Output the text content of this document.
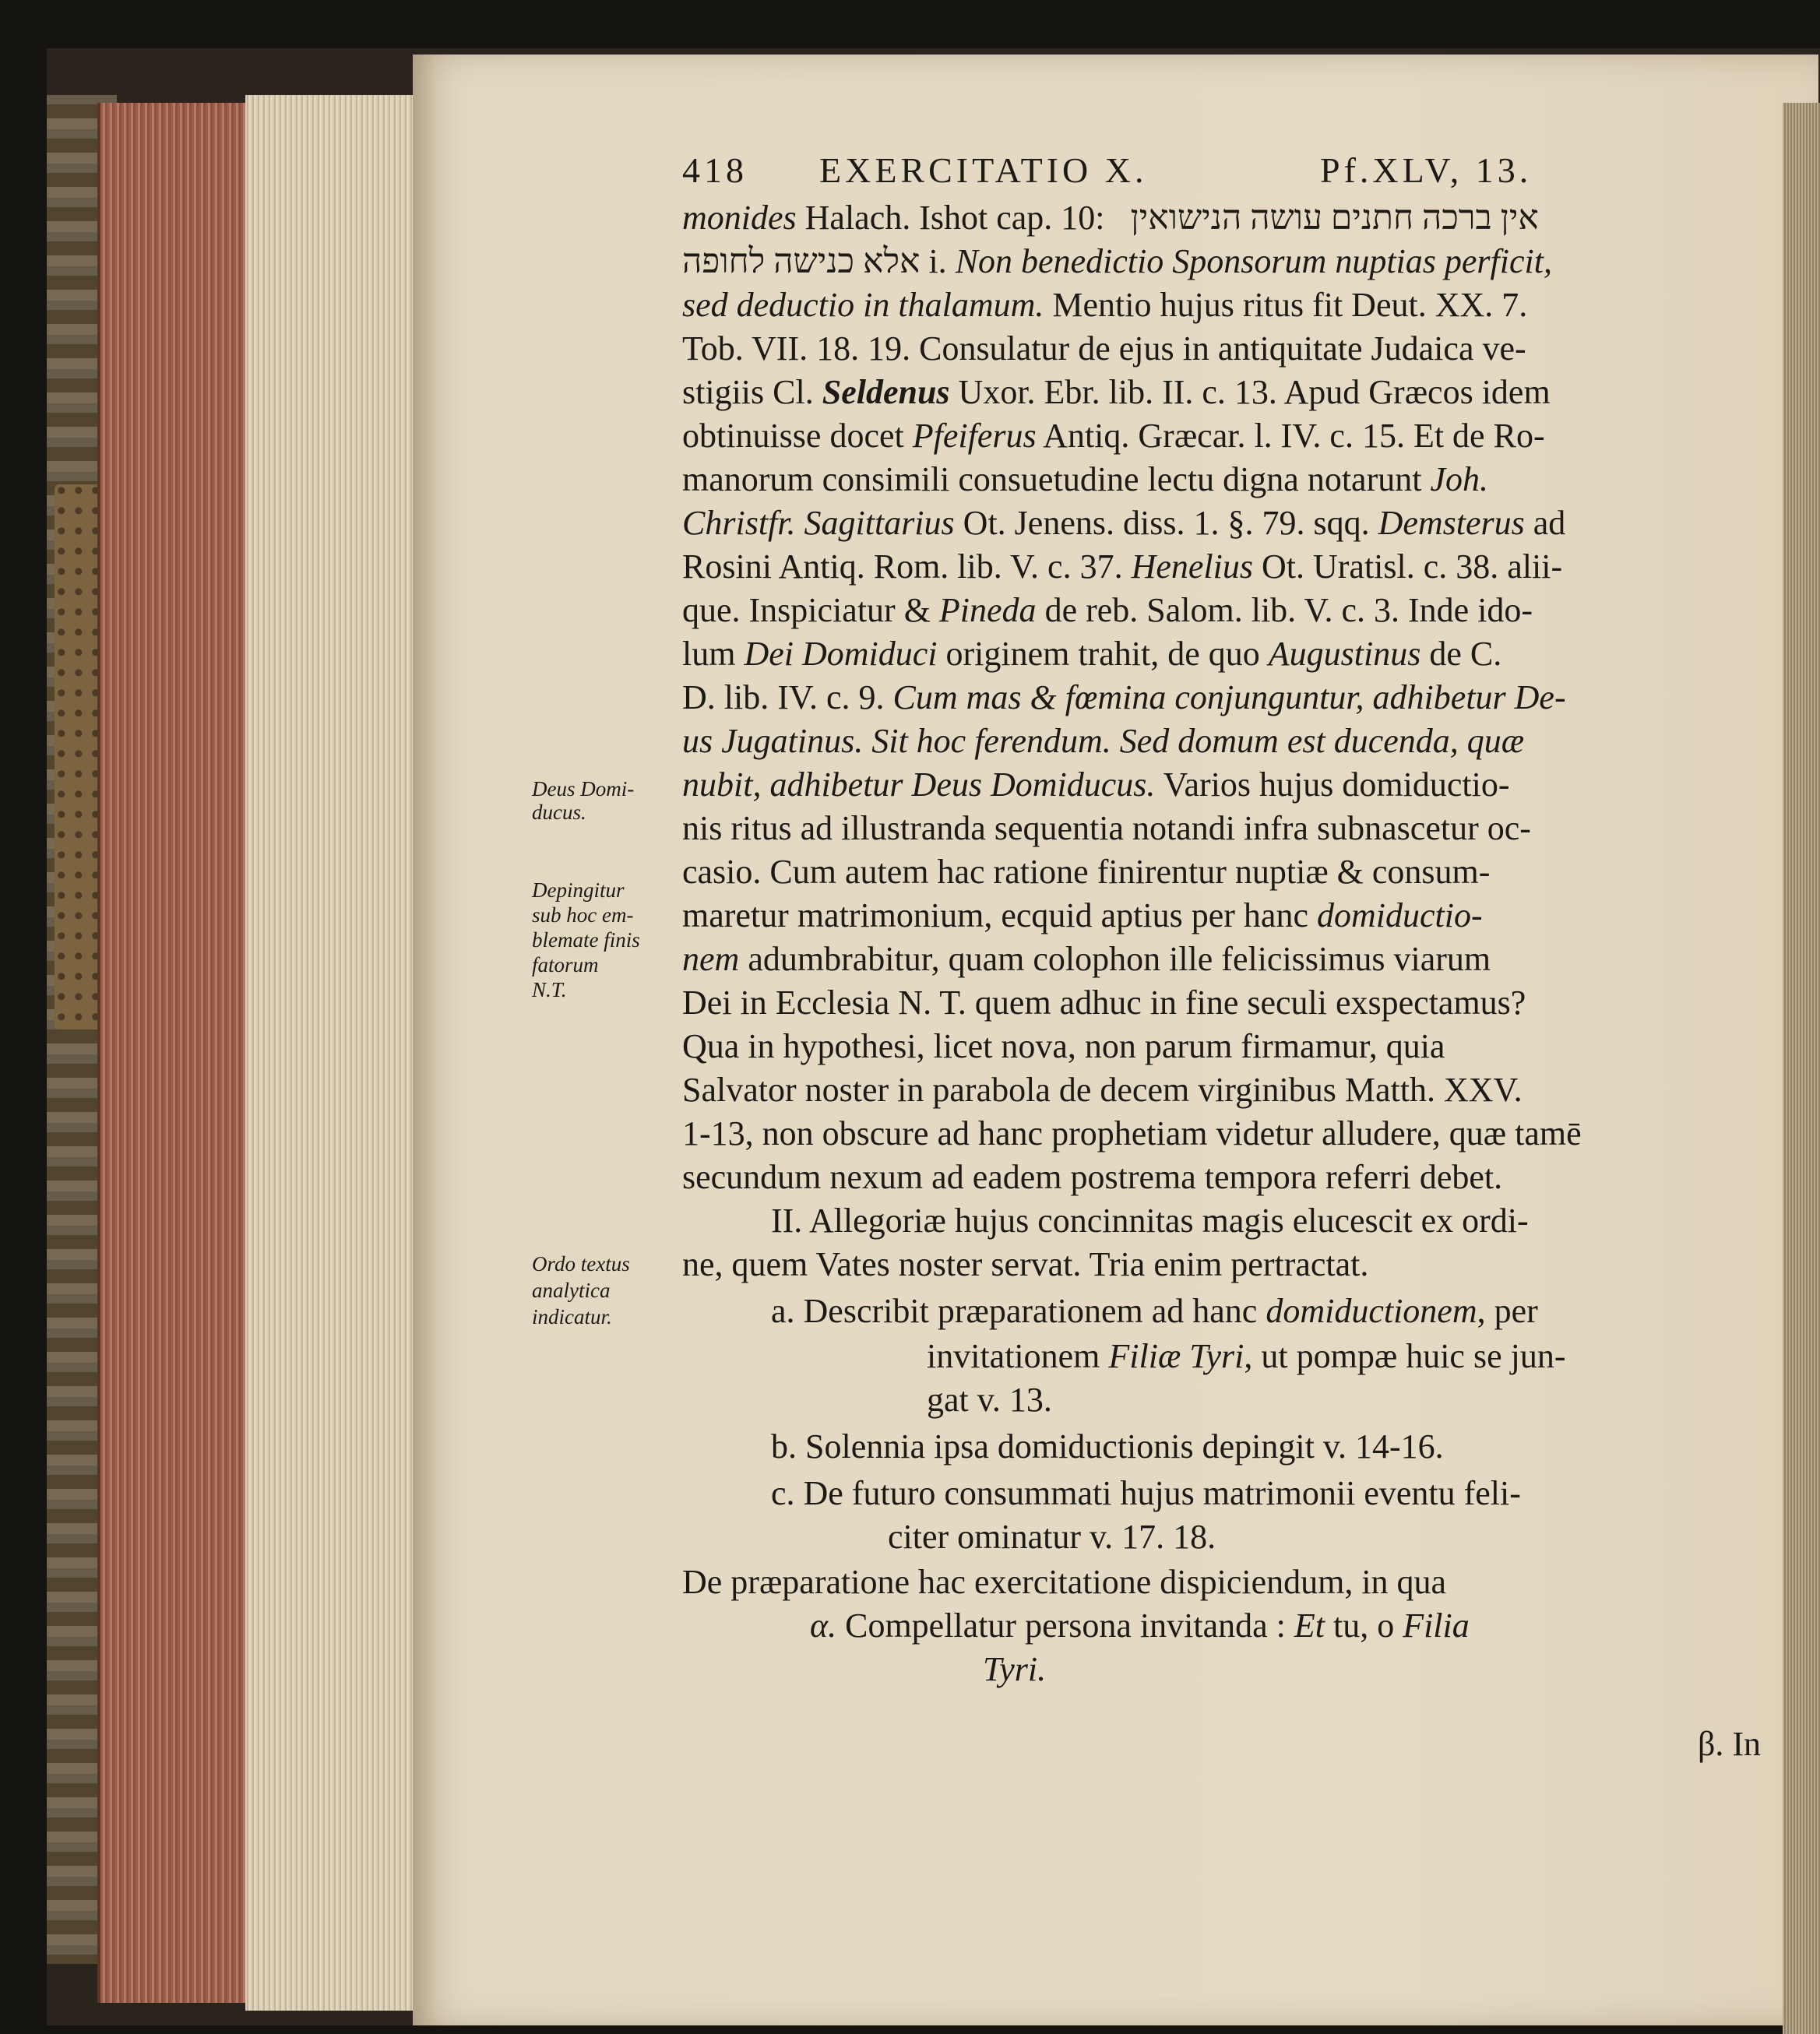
418 EXERCITATIO X.	Pf.XLV, 13.
monides Halach. Ishot cap. 10: אין ברכה חתנים עושה הנישואין
אלא כנישה לחופה i. Non benedictio Sponsorum nuptias perficit,
sed deductio in thalamum. Mentio hujus ritus fit Deut. XX. 7.
Tob. VII. 18. 19. Consulatur de ejus in antiquitate Judaica ve-
stigiis Cl. Seldenus Uxor. Ebr. lib. II. c. 13. Apud Græcos idem
obtinuisse docet Pfeiferus Antiq. Græcar. l. IV. c. 15. Et de Ro-
manorum consimili consuetudine lectu digna notarunt Joh.
Christfr. Sagittarius Ot. Jenens. diss. 1. §. 79. sqq. Demsterus ad
Rosini Antiq. Rom. lib. V. c. 37. Henelius Ot. Uratisl. c. 38. alii-
que. Inspiciatur & Pineda de reb. Salom. lib. V. c. 3. Inde ido-
lum Dei Domiduci originem trahit, de quo Augustinus de C.
D. lib. IV. c. 9. Cum mas & fœmina conjunguntur, adhibetur De-
us Jugatinus. Sit hoc ferendum. Sed domum est ducenda, quæ
nubit, adhibetur Deus Domiducus. Varios hujus domiductio-
nis ritus ad illustranda sequentia notandi infra subnascetur oc-
casio. Cum autem hac ratione finirentur nuptiæ & consum-
maretur matrimonium, ecquid aptius per hanc domiductio-
nem adumbrabitur, quam colophon ille felicissimus viarum
Dei in Ecclesia N. T. quem adhuc in fine seculi exspectamus?
Qua in hypothesi, licet nova, non parum firmamur, quia
Salvator noster in parabola de decem virginibus Matth. XXV.
1-13, non obscure ad hanc prophetiam videtur alludere, quæ tamē
secundum nexum ad eadem postrema tempora referri debet.
II. Allegoriæ hujus concinnitas magis elucescit ex ordi-
ne, quem Vates noster servat. Tria enim pertractat.
a. Describit præparationem ad hanc domiductionem, per
invitationem Filiæ Tyri, ut pompæ huic se jun-
gat v. 13.
b. Solennia ipsa domiductionis depingit v. 14-16.
c. De futuro consummati hujus matrimonii eventu feli-
citer ominatur v. 17. 18.
De præparatione hac exercitatione dispiciendum, in qua
α. Compellatur persona invitanda : Et tu, o Filia
Tyri.
β. In
Deus Domi-
ducus.
Depingitur
sub hoc em-
blemate finis
fatorum
N.T.
Ordo textus
analytica
indicatur.
